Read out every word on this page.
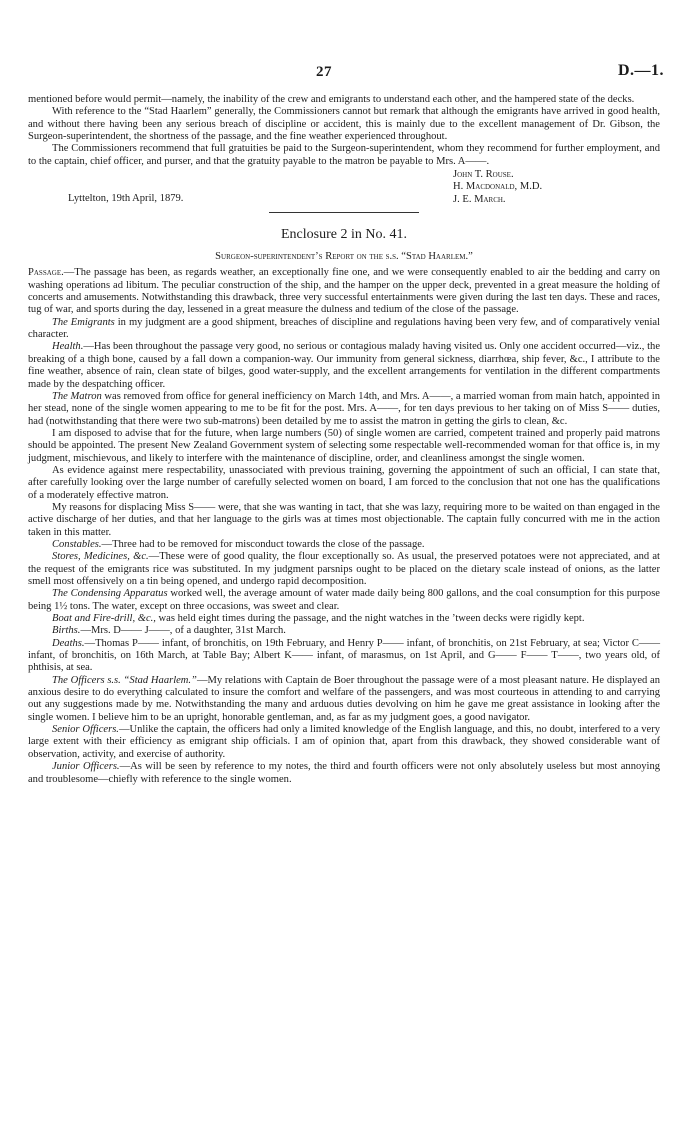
27	D.—1.

mentioned before would permit—namely, the inability of the crew and emigrants to understand each other, and the hampered state of the decks.

With reference to the “Stad Haarlem” generally, the Commissioners cannot but remark that although the emigrants have arrived in good health, and without there having been any serious breach of discipline or accident, this is mainly due to the excellent management of Dr. Gibson, the Surgeon-superintendent, the shortness of the passage, and the fine weather experienced throughout.

The Commissioners recommend that full gratuities be paid to the Surgeon-superintendent, whom they recommend for further employment, and to the captain, chief officer, and purser, and that the gratuity payable to the matron be payable to Mrs. A——.

John T. Rouse.
H. Macdonald, M.D.
J. E. March.
Lyttelton, 19th April, 1879.
Enclosure 2 in No. 41.
Surgeon-superintendent’s Report on the s.s. “Stad Haarlem.”

Passage.—The passage has been, as regards weather, an exceptionally fine one, and we were consequently enabled to air the bedding and carry on washing operations ad libitum. The peculiar construction of the ship, and the hamper on the upper deck, prevented in a great measure the holding of concerts and amusements. Notwithstanding this drawback, three very successful entertainments were given during the last ten days. These and races, tug of war, and sports during the day, lessened in a great measure the dulness and tedium of the close of the passage.

The Emigrants in my judgment are a good shipment, breaches of discipline and regulations having been very few, and of comparatively venial character.

Health.—Has been throughout the passage very good, no serious or contagious malady having visited us. Only one accident occurred—viz., the breaking of a thigh bone, caused by a fall down a companion-way. Our immunity from general sickness, diarrhœa, ship fever, &c., I attribute to the fine weather, absence of rain, clean state of bilges, good water-supply, and the excellent arrangements for ventilation in the different compartments made by the despatching officer.

The Matron was removed from office for general inefficiency on March 14th, and Mrs. A——, a married woman from main hatch, appointed in her stead, none of the single women appearing to me to be fit for the post. Mrs. A——, for ten days previous to her taking on of Miss S—— duties, had (notwithstanding that there were two sub-matrons) been detailed by me to assist the matron in getting the girls to clean, &c.

I am disposed to advise that for the future, when large numbers (50) of single women are carried, competent trained and properly paid matrons should be appointed. The present New Zealand Government system of selecting some respectable well-recommended woman for that office is, in my judgment, mischievous, and likely to interfere with the maintenance of discipline, order, and cleanliness amongst the single women.

As evidence against mere respectability, unassociated with previous training, governing the appointment of such an official, I can state that, after carefully looking over the large number of carefully selected women on board, I am forced to the conclusion that not one has the qualifications of a moderately effective matron.

My reasons for displacing Miss S—— were, that she was wanting in tact, that she was lazy, requiring more to be waited on than engaged in the active discharge of her duties, and that her language to the girls was at times most objectionable. The captain fully concurred with me in the action taken in this matter.

Constables.—Three had to be removed for misconduct towards the close of the passage.

Stores, Medicines, &c.—These were of good quality, the flour exceptionally so. As usual, the preserved potatoes were not appreciated, and at the request of the emigrants rice was substituted. In my judgment parsnips ought to be placed on the dietary scale instead of onions, as the latter smell most offensively on a tin being opened, and undergo rapid decomposition.

The Condensing Apparatus worked well, the average amount of water made daily being 800 gallons, and the coal consumption for this purpose being 1½ tons. The water, except on three occasions, was sweet and clear.

Boat and Fire-drill, &c., was held eight times during the passage, and the night watches in the ’tween decks were rigidly kept.

Births.—Mrs. D—— J——, of a daughter, 31st March.

Deaths.—Thomas P—— infant, of bronchitis, on 19th February, and Henry P—— infant, of bronchitis, on 21st February, at sea; Victor C—— infant, of bronchitis, on 16th March, at Table Bay; Albert K—— infant, of marasmus, on 1st April, and G—— F—— T——, two years old, of phthisis, at sea.

The Officers s.s. “Stad Haarlem.”—My relations with Captain de Boer throughout the passage were of a most pleasant nature. He displayed an anxious desire to do everything calculated to insure the comfort and welfare of the passengers, and was most courteous in attending to and carrying out any suggestions made by me. Notwithstanding the many and arduous duties devolving on him he gave me great assistance in looking after the single women. I believe him to be an upright, honorable gentleman, and, as far as my judgment goes, a good navigator.

Senior Officers.—Unlike the captain, the officers had only a limited knowledge of the English language, and this, no doubt, interfered to a very large extent with their efficiency as emigrant ship officials. I am of opinion that, apart from this drawback, they showed considerable want of observation, activity, and exercise of authority.

Junior Officers.—As will be seen by reference to my notes, the third and fourth officers were not only absolutely useless but most annoying and troublesome—chiefly with reference to the single women.
